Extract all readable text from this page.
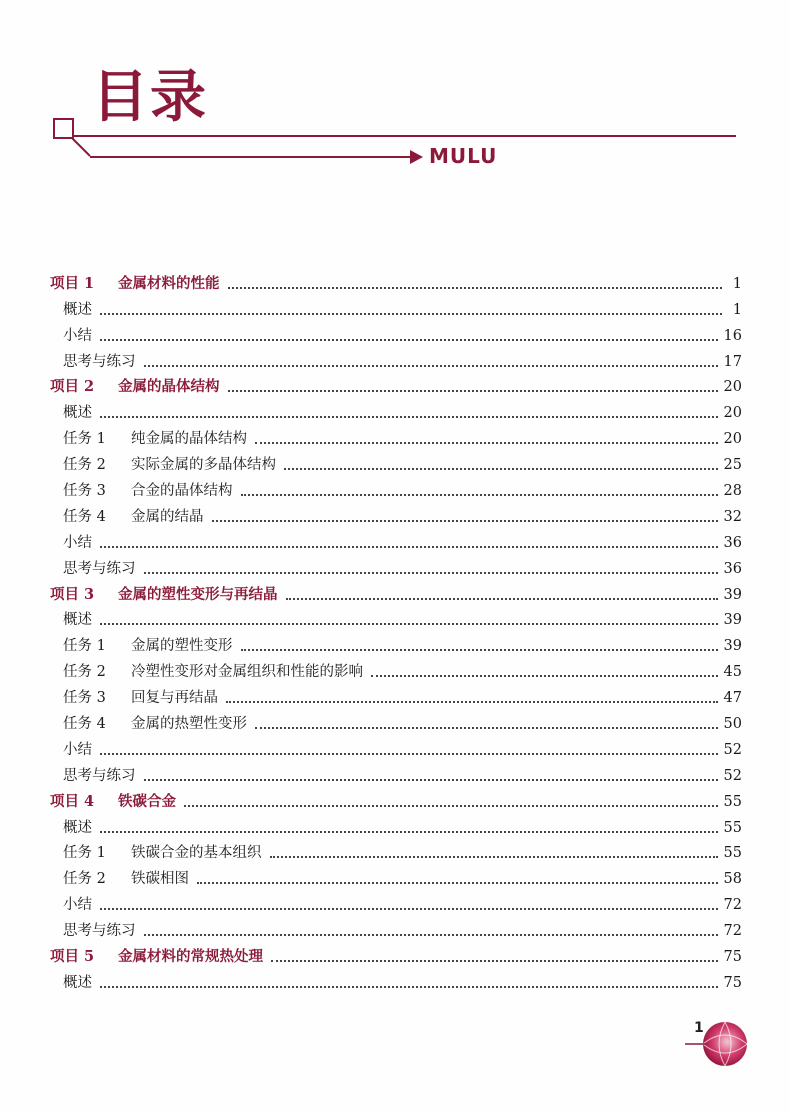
目录
MULU
项目 1 金属材料的性能	1
概述	1
小结	16
思考与练习	17
项目 2 金属的晶体结构	20
概述	20
任务 1 纯金属的晶体结构	20
任务 2 实际金属的多晶体结构	25
任务 3 合金的晶体结构	28
任务 4 金属的结晶	32
小结	36
思考与练习	36
项目 3 金属的塑性变形与再结晶	39
概述	39
任务 1 金属的塑性变形	39
任务 2 冷塑性变形对金属组织和性能的影响	45
任务 3 回复与再结晶	47
任务 4 金属的热塑性变形	50
小结	52
思考与练习	52
项目 4 铁碳合金	55
概述	55
任务 1 铁碳合金的基本组织	55
任务 2 铁碳相图	58
小结	72
思考与练习	72
项目 5 金属材料的常规热处理	75
概述	75
1
